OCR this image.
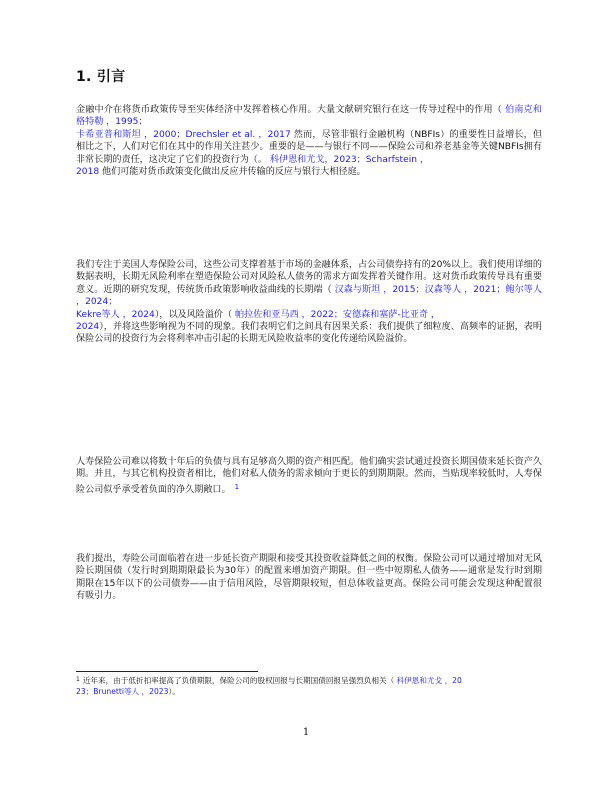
1. 引言
金融中介在将货币政策传导至实体经济中发挥着核心作用。大量文献研究银行在这一传导过程中的作用（ 伯南克和格特勒 ，1995；
卡希亚普和斯坦 ，2000；Drechsler et al. ，2017 然而，尽管非银行金融机构（NBFIs）的重要性日益增长，但相比之下，人们对它们在其中的作用关注甚少。重要的是——与银行不同——保险公司和养老基金等关键NBFIs拥有非常长期的责任，这决定了它们的投资行为（。 科伊恩和尤戈，2023；Scharfstein ，
2018 他们可能对货币政策变化做出反应并传输的反应与银行大相径庭。
我们专注于美国人寿保险公司，这些公司支撑着基于市场的金融体系，占公司债券持有的20%以上。我们使用详细的数据表明，长期无风险利率在塑造保险公司对风险私人债务的需求方面发挥着关键作用。这对货币政策传导具有重要意义。近期的研究发现，传统货币政策影响收益曲线的长期端（ 汉森与斯坦 ，2015；汉森等人 ，2021；鲍尔等人 ，2024；
Kekre等人 ，2024），以及风险溢价（ 帕拉佐和亚马西 ，2022；安德森和塞萨-比亚奇 ，
2024），并将这些影响视为不同的现象。我们表明它们之间具有因果关系：我们提供了细粒度、高频率的证据，表明保险公司的投资行为会将利率冲击引起的长期无风险收益率的变化传递给风险溢价。
人寿保险公司难以将数十年后的负债与具有足够高久期的资产相匹配。他们确实尝试通过投资长期国债来延长资产久期。并且，与其它机构投资者相比，他们对私人债务的需求倾向于更长的到期期限。然而，当贴现率较低时，人寿保险公司似乎承受着负面的净久期敞口。 $^1$
我们提出，寿险公司面临着在进一步延长资产期限和接受其投资收益降低之间的权衡。保险公司可以通过增加对无风险长期国债（发行时到期期限最长为30年）的配置来增加资产期限。但一些中短期私人债务——通常是发行时到期期限在15年以下的公司债券——由于信用风险，尽管期限较短，但总体收益更高。保险公司可能会发现这种配置很有吸引力。
$^1$ 近年来，由于低折扣率提高了负债期限，保险公司的股权回报与长期国债回报呈强烈负相关（ 科伊恩和尤戈 ，20
23；Brunetti等人 ，2023）。
1
